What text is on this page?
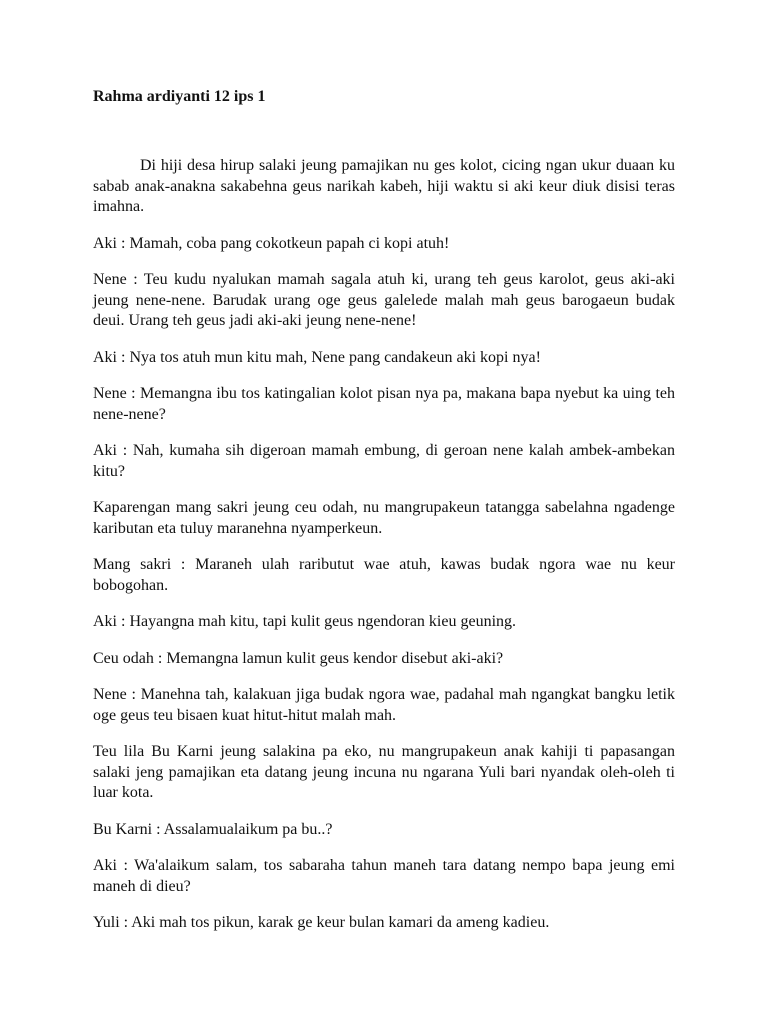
Rahma ardiyanti 12 ips 1

Di hiji desa hirup salaki jeung pamajikan nu ges kolot, cicing ngan ukur duaan ku sabab anak-anakna sakabehna geus narikah kabeh, hiji waktu si aki keur diuk disisi teras imahna.

Aki : Mamah, coba pang cokotkeun papah ci kopi atuh!

Nene : Teu kudu nyalukan mamah sagala atuh ki, urang teh geus karolot, geus aki-aki jeung nene-nene. Barudak urang oge geus galelede malah mah geus barogaeun budak deui. Urang teh geus jadi aki-aki jeung nene-nene!

Aki : Nya tos atuh mun kitu mah, Nene pang candakeun aki kopi nya!

Nene : Memangna ibu tos katingalian kolot pisan nya pa, makana bapa nyebut ka uing teh nene-nene?

Aki : Nah, kumaha sih digeroan mamah embung, di geroan nene kalah ambek-ambekan kitu?

Kaparengan mang sakri jeung ceu odah, nu mangrupakeun tatangga sabelahna ngadenge kaributan eta tuluy maranehna nyamperkeun.

Mang sakri : Maraneh ulah raributut wae atuh, kawas budak ngora wae nu keur bobogohan.

Aki : Hayangna mah kitu, tapi kulit geus ngendoran kieu geuning.

Ceu odah : Memangna lamun kulit geus kendor disebut aki-aki?

Nene : Manehna tah, kalakuan jiga budak ngora wae, padahal mah ngangkat bangku letik oge geus teu bisaen kuat hitut-hitut malah mah.

Teu lila Bu Karni jeung salakina pa eko, nu mangrupakeun anak kahiji ti papasangan salaki jeng pamajikan eta datang jeung incuna nu ngarana Yuli bari nyandak oleh-oleh ti luar kota.

Bu Karni : Assalamualaikum pa bu..?

Aki : Wa'alaikum salam, tos sabaraha tahun maneh tara datang nempo bapa jeung emi maneh di dieu?

Yuli : Aki mah tos pikun, karak ge keur bulan kamari da ameng kadieu.
